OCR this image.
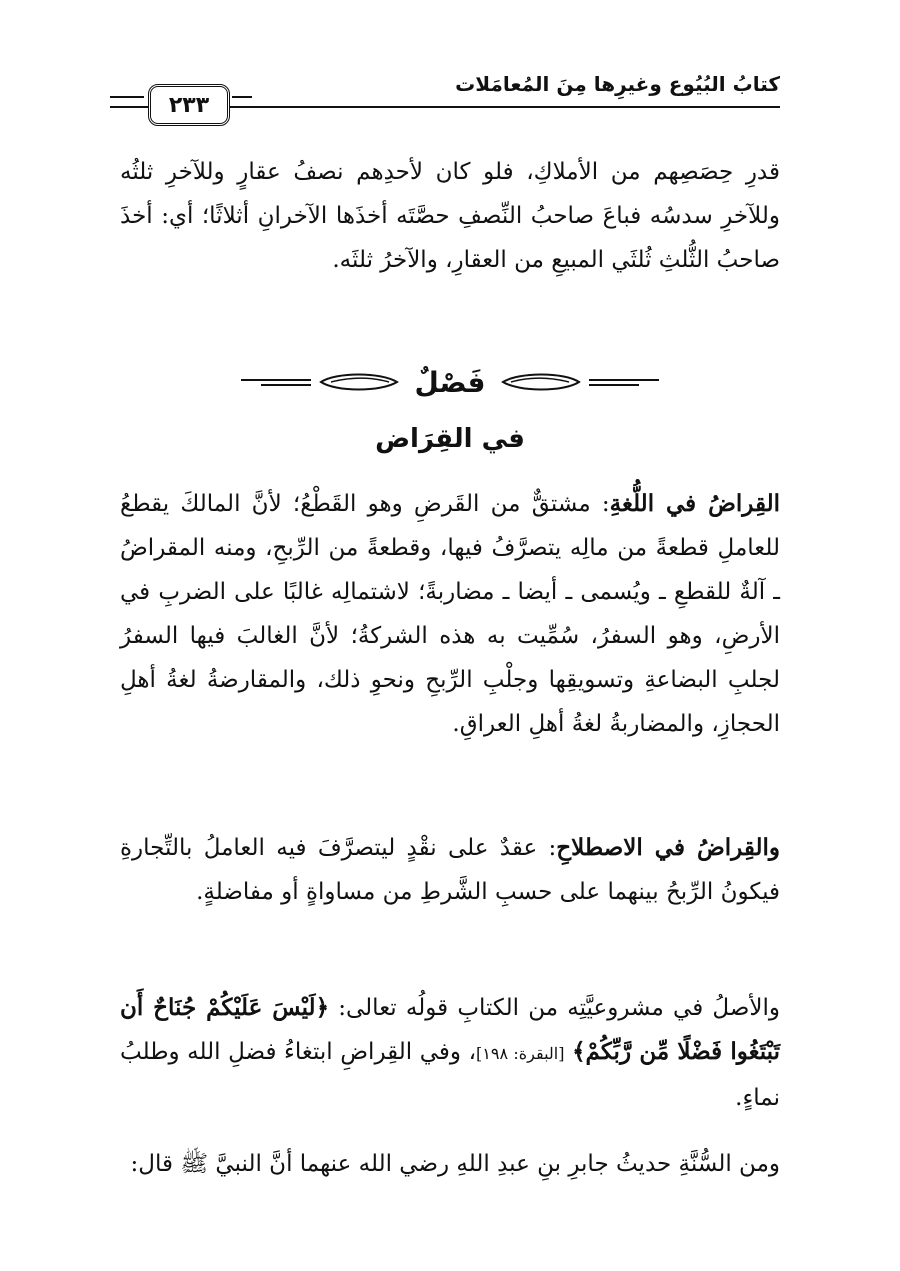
كتابُ البُيُوع وغيرِها مِنَ المُعامَلات
٢٣٣

قدرِ حِصَصِهم من الأملاكِ، فلو كان لأحدِهم نصفُ عقارٍ وللآخرِ ثلثُه وللآخرِ سدسُه فباعَ صاحبُ النِّصفِ حصَّتَه أخذَها الآخرانِ أثلاثًا؛ أي: أخذَ صاحبُ الثُّلثِ ثُلثَي المبيعِ من العقارِ، والآخرُ ثلثَه.

فَصْلٌ
في القِرَاض

القِراضُ في اللُّغةِ: مشتقٌّ من القَرضِ وهو القَطْعُ؛ لأنَّ المالكَ يقطعُ للعاملِ قطعةً من مالِه يتصرَّفُ فيها، وقطعةً من الرِّبحِ، ومنه المقراضُ ـ آلةٌ للقطعِ ـ ويُسمى ـ أيضا ـ مضاربةً؛ لاشتمالِه غالبًا على الضربِ في الأرضِ، وهو السفرُ، سُمِّيت به هذه الشركةُ؛ لأنَّ الغالبَ فيها السفرُ لجلبِ البضاعةِ وتسويقِها وجلْبِ الرِّبحِ ونحوِ ذلك، والمقارضةُ لغةُ أهلِ الحجازِ، والمضاربةُ لغةُ أهلِ العراقِ.

والقِراضُ في الاصطلاحِ: عقدٌ على نقْدٍ ليتصرَّفَ فيه العاملُ بالتِّجارةِ فيكونُ الرِّبحُ بينهما على حسبِ الشَّرطِ من مساواةٍ أو مفاضلةٍ.

والأصلُ في مشروعيَّتِه من الكتابِ قولُه تعالى: ﴿لَيْسَ عَلَيْكُمْ جُنَاحٌ أَن تَبْتَغُوا فَضْلًا مِّن رَّبِّكُمْ﴾ [البقرة: ١٩٨]، وفي القِراضِ ابتغاءُ فضلِ الله وطلبُ نماءٍ.

ومن السُّنَّةِ حديثُ جابرِ بنِ عبدِ اللهِ رضي الله عنهما أنَّ النبيَّ ﷺ قال:
